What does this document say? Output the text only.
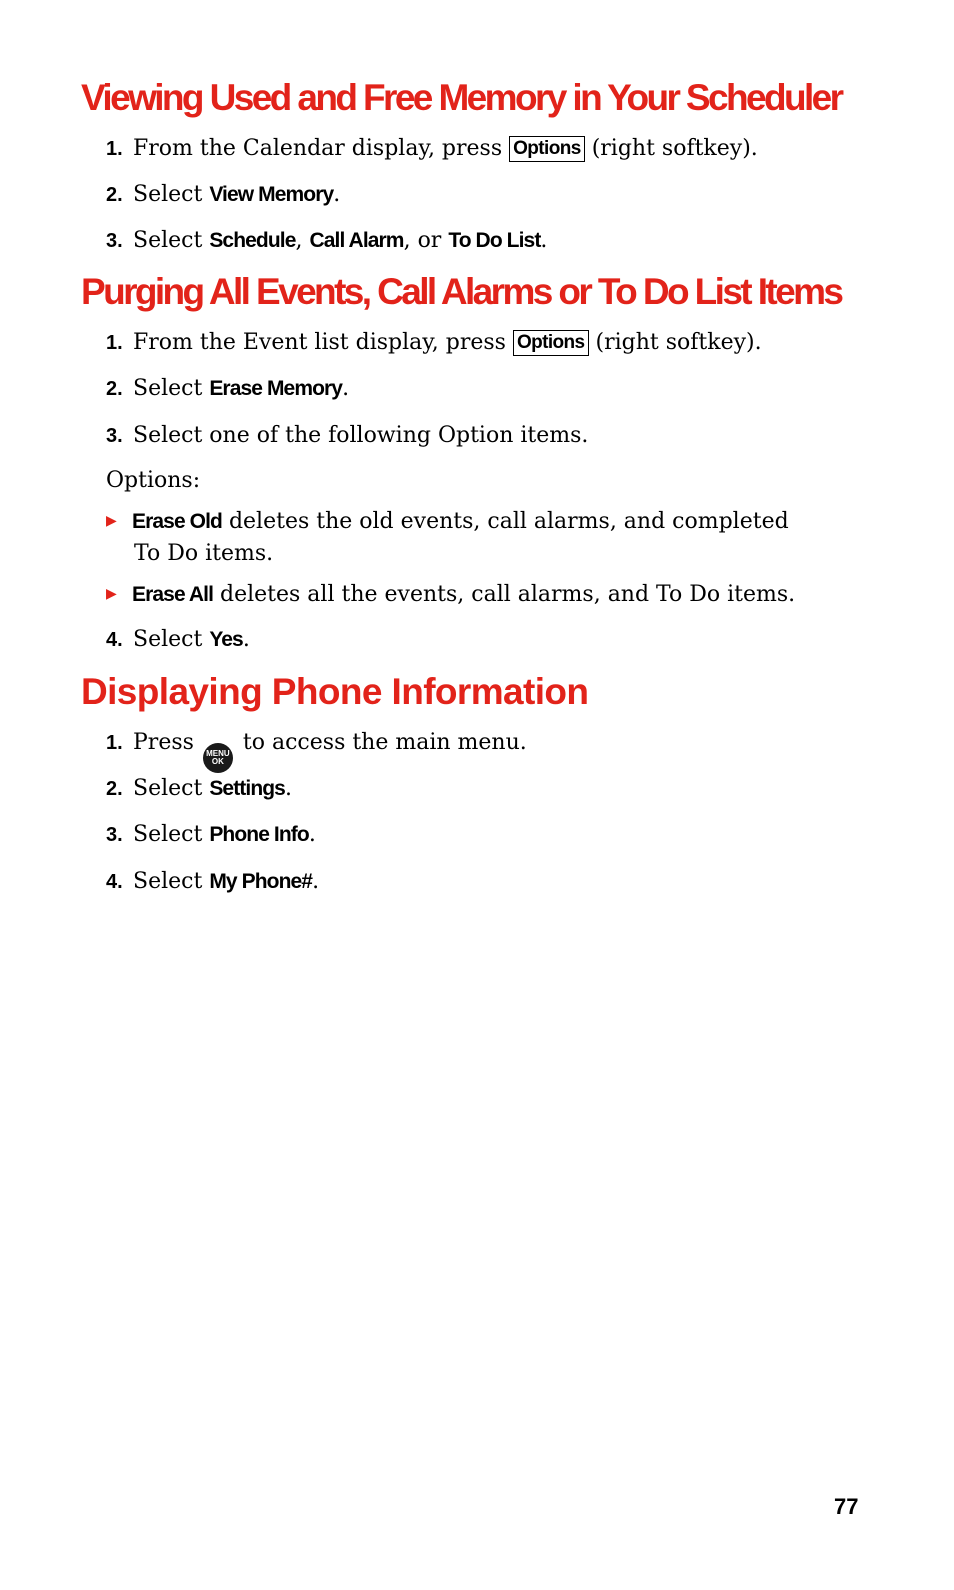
Viewing Used and Free Memory in Your Scheduler
1. From the Calendar display, press Options (right softkey).
2. Select View Memory.
3. Select Schedule, Call Alarm, or To Do List.
Purging All Events, Call Alarms or To Do List Items
1. From the Event list display, press Options (right softkey).
2. Select Erase Memory.
3. Select one of the following Option items.
Options:
▶ Erase Old deletes the old events, call alarms, and completed
To Do items.
▶ Erase All deletes all the events, call alarms, and To Do items.
4. Select Yes.
Displaying Phone Information
1. Press MENU
OK
to access the main menu.
2. Select Settings.
3. Select Phone Info.
4. Select My Phone#.
77
